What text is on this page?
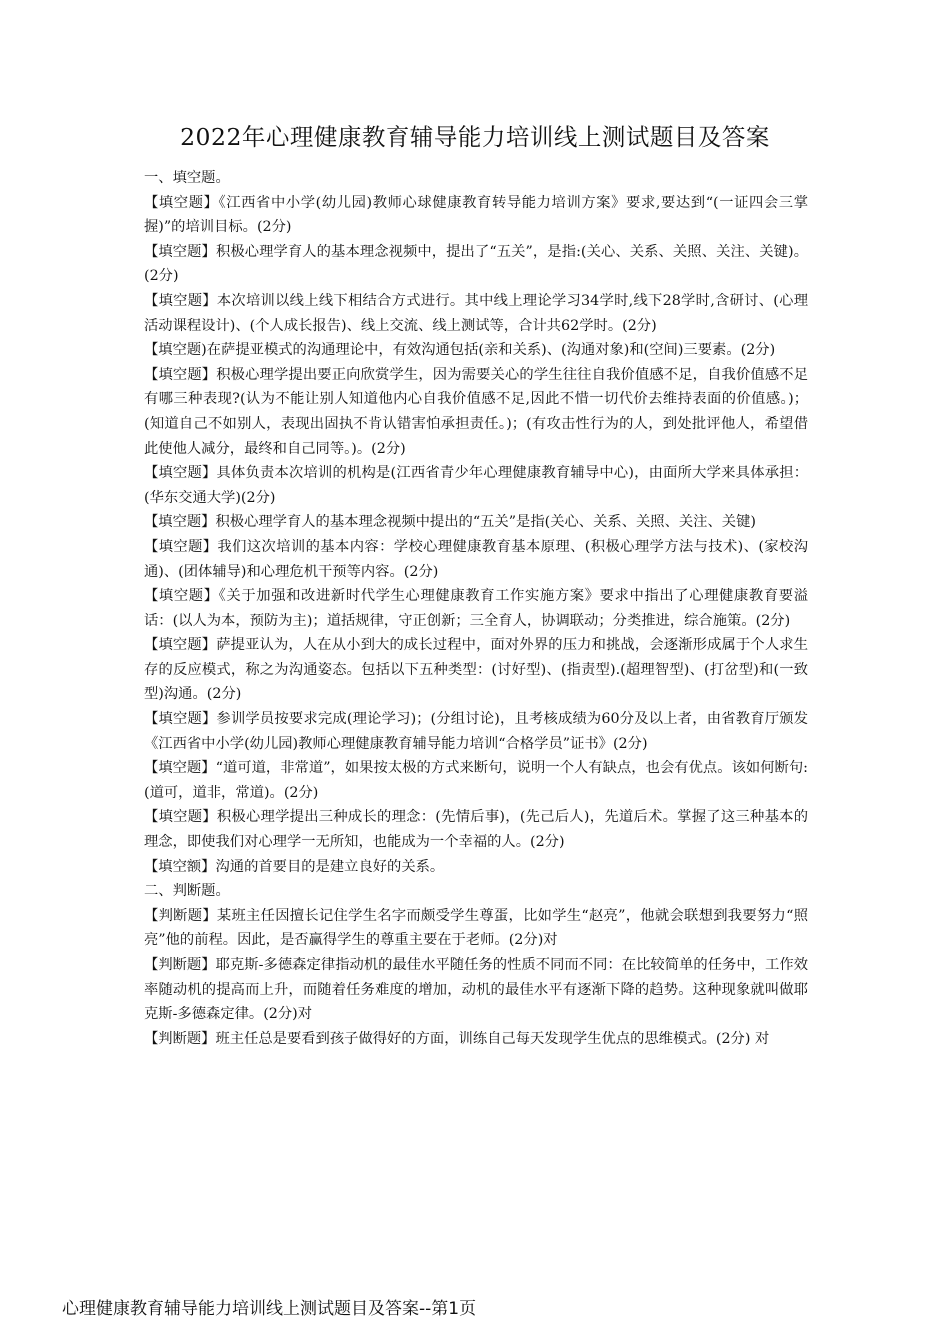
2022年心理健康教育辅导能力培训线上测试题目及答案

一、填空题。

【填空题】《江西省中小学(幼儿园)教师心球健康教育转导能力培训方案》要求,要达到“(一证四会三掌握)”的培训目标。(2分)

【填空题】积极心理学育人的基本理念视频中，提出了“五关”，是指:(关心、关系、关照、关注、关键)。(2分)

【填空题】本次培训以线上线下相结合方式进行。其中线上理论学习34学时,线下28学时,含研讨、(心理活动课程设计)、(个人成长报告)、线上交流、线上测试等，合计共62学时。(2分)

【填空题)在萨提亚模式的沟通理论中，有效沟通包括(亲和关系)、(沟通对象)和(空间)三要素。(2分)

【填空题】积极心理学提出要正向欣赏学生，因为需要关心的学生往往自我价值感不足，自我价值感不足有哪三种表现?(认为不能让别人知道他内心自我价值感不足,因此不惜一切代价去维持表面的价值感。)；(知道自己不如别人，表现出固执不肯认错害怕承担责任。)；(有攻击性行为的人，到处批评他人，希望借此使他人减分，最终和自己同等。)。(2分)

【填空题】具体负责本次培训的机构是(江西省青少年心理健康教育辅导中心)，由面所大学来具体承担：(华东交通大学)(2分)

【填空题】积极心理学育人的基本理念视频中提出的“五关”是指(关心、关系、关照、关注、关键)

【填空题】我们这次培训的基本内容：学校心理健康教育基本原理、(积极心理学方法与技术)、(家校沟通)、(团体辅导)和心理危机干预等内容。(2分)

【填空题】《关于加强和改进新时代学生心理健康教育工作实施方案》要求中指出了心理健康教育要溢话：(以人为本，预防为主)；道括规律，守正创新；三全育人，协调联动；分类推进，综合施策。(2分)

【填空题】萨提亚认为，人在从小到大的成长过程中，面对外界的压力和挑战，会逐渐形成属于个人求生存的反应模式，称之为沟通姿态。包括以下五种类型：(讨好型)、(指责型).(超理智型)、(打岔型)和(一致型)沟通。(2分)

【填空题】参训学员按要求完成(理论学习)；(分组讨论)，且考核成绩为60分及以上者，由省教育厅颁发《江西省中小学(幼儿园)教师心理健康教育辅导能力培训“合格学员”证书》(2分)

【填空题】“道可道，非常道”，如果按太极的方式来断句，说明一个人有缺点，也会有优点。该如何断句:(道可，道非，常道)。(2分)

【填空题】积极心理学提出三种成长的理念：(先情后事)，(先己后人)，先道后术。掌握了这三种基本的理念，即使我们对心理学一无所知，也能成为一个幸福的人。(2分)

【填空额】沟通的首要目的是建立良好的关系。

二、判断题。

【判断题】某班主任因擅长记住学生名字而颇受学生尊蛋，比如学生“赵亮”，他就会联想到我要努力“照亮”他的前程。因此，是否赢得学生的尊重主要在于老师。(2分)对

【判断题】耶克斯-多德森定律指动机的最佳水平随任务的性质不同而不同：在比较简单的任务中，工作效率随动机的提高而上升，而随着任务难度的增加，动机的最佳水平有逐渐下降的趋势。这种现象就叫做耶克斯-多德森定律。(2分)对

【判断题】班主任总是要看到孩子做得好的方面，训练自己每天发现学生优点的思维模式。(2分) 对

心理健康教育辅导能力培训线上测试题目及答案--第1页
